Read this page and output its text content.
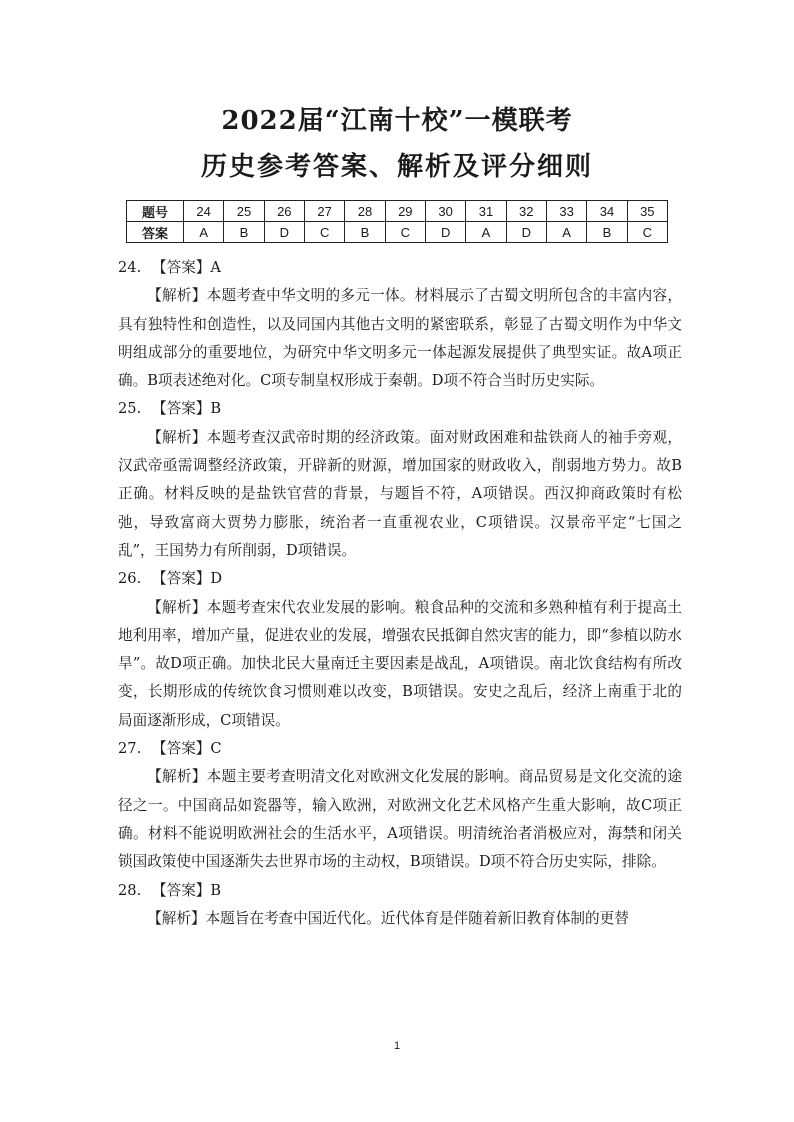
2022届“江南十校”一模联考
历史参考答案、解析及评分细则
题号	24	25	26	27	28	29	30	31	32	33	34	35
答案	A	B	D	C	B	C	D	A	D	A	B	C
24. 【答案】A

【解析】本题考查中华文明的多元一体。材料展示了古蜀文明所包含的丰富内容，具有独特性和创造性，以及同国内其他古文明的紧密联系，彰显了古蜀文明作为中华文明组成部分的重要地位，为研究中华文明多元一体起源发展提供了典型实证。故A项正确。B项表述绝对化。C项专制皇权形成于秦朝。D项不符合当时历史实际。

25. 【答案】B

【解析】本题考查汉武帝时期的经济政策。面对财政困难和盐铁商人的袖手旁观，汉武帝亟需调整经济政策，开辟新的财源，增加国家的财政收入，削弱地方势力。故B正确。材料反映的是盐铁官营的背景，与题旨不符，A项错误。西汉抑商政策时有松弛，导致富商大贾势力膨胀，统治者一直重视农业，C项错误。汉景帝平定“七国之乱”，王国势力有所削弱，D项错误。

26. 【答案】D

【解析】本题考查宋代农业发展的影响。粮食品种的交流和多熟种植有利于提高土地利用率，增加产量，促进农业的发展，增强农民抵御自然灾害的能力，即“参植以防水旱”。故D项正确。加快北民大量南迁主要因素是战乱，A项错误。南北饮食结构有所改变，长期形成的传统饮食习惯则难以改变，B项错误。安史之乱后，经济上南重于北的局面逐渐形成，C项错误。

27. 【答案】C

【解析】本题主要考查明清文化对欧洲文化发展的影响。商品贸易是文化交流的途径之一。中国商品如瓷器等，输入欧洲，对欧洲文化艺术风格产生重大影响，故C项正确。材料不能说明欧洲社会的生活水平，A项错误。明清统治者消极应对，海禁和闭关锁国政策使中国逐渐失去世界市场的主动权，B项错误。D项不符合历史实际，排除。

28. 【答案】B

【解析】本题旨在考查中国近代化。近代体育是伴随着新旧教育体制的更替

1
